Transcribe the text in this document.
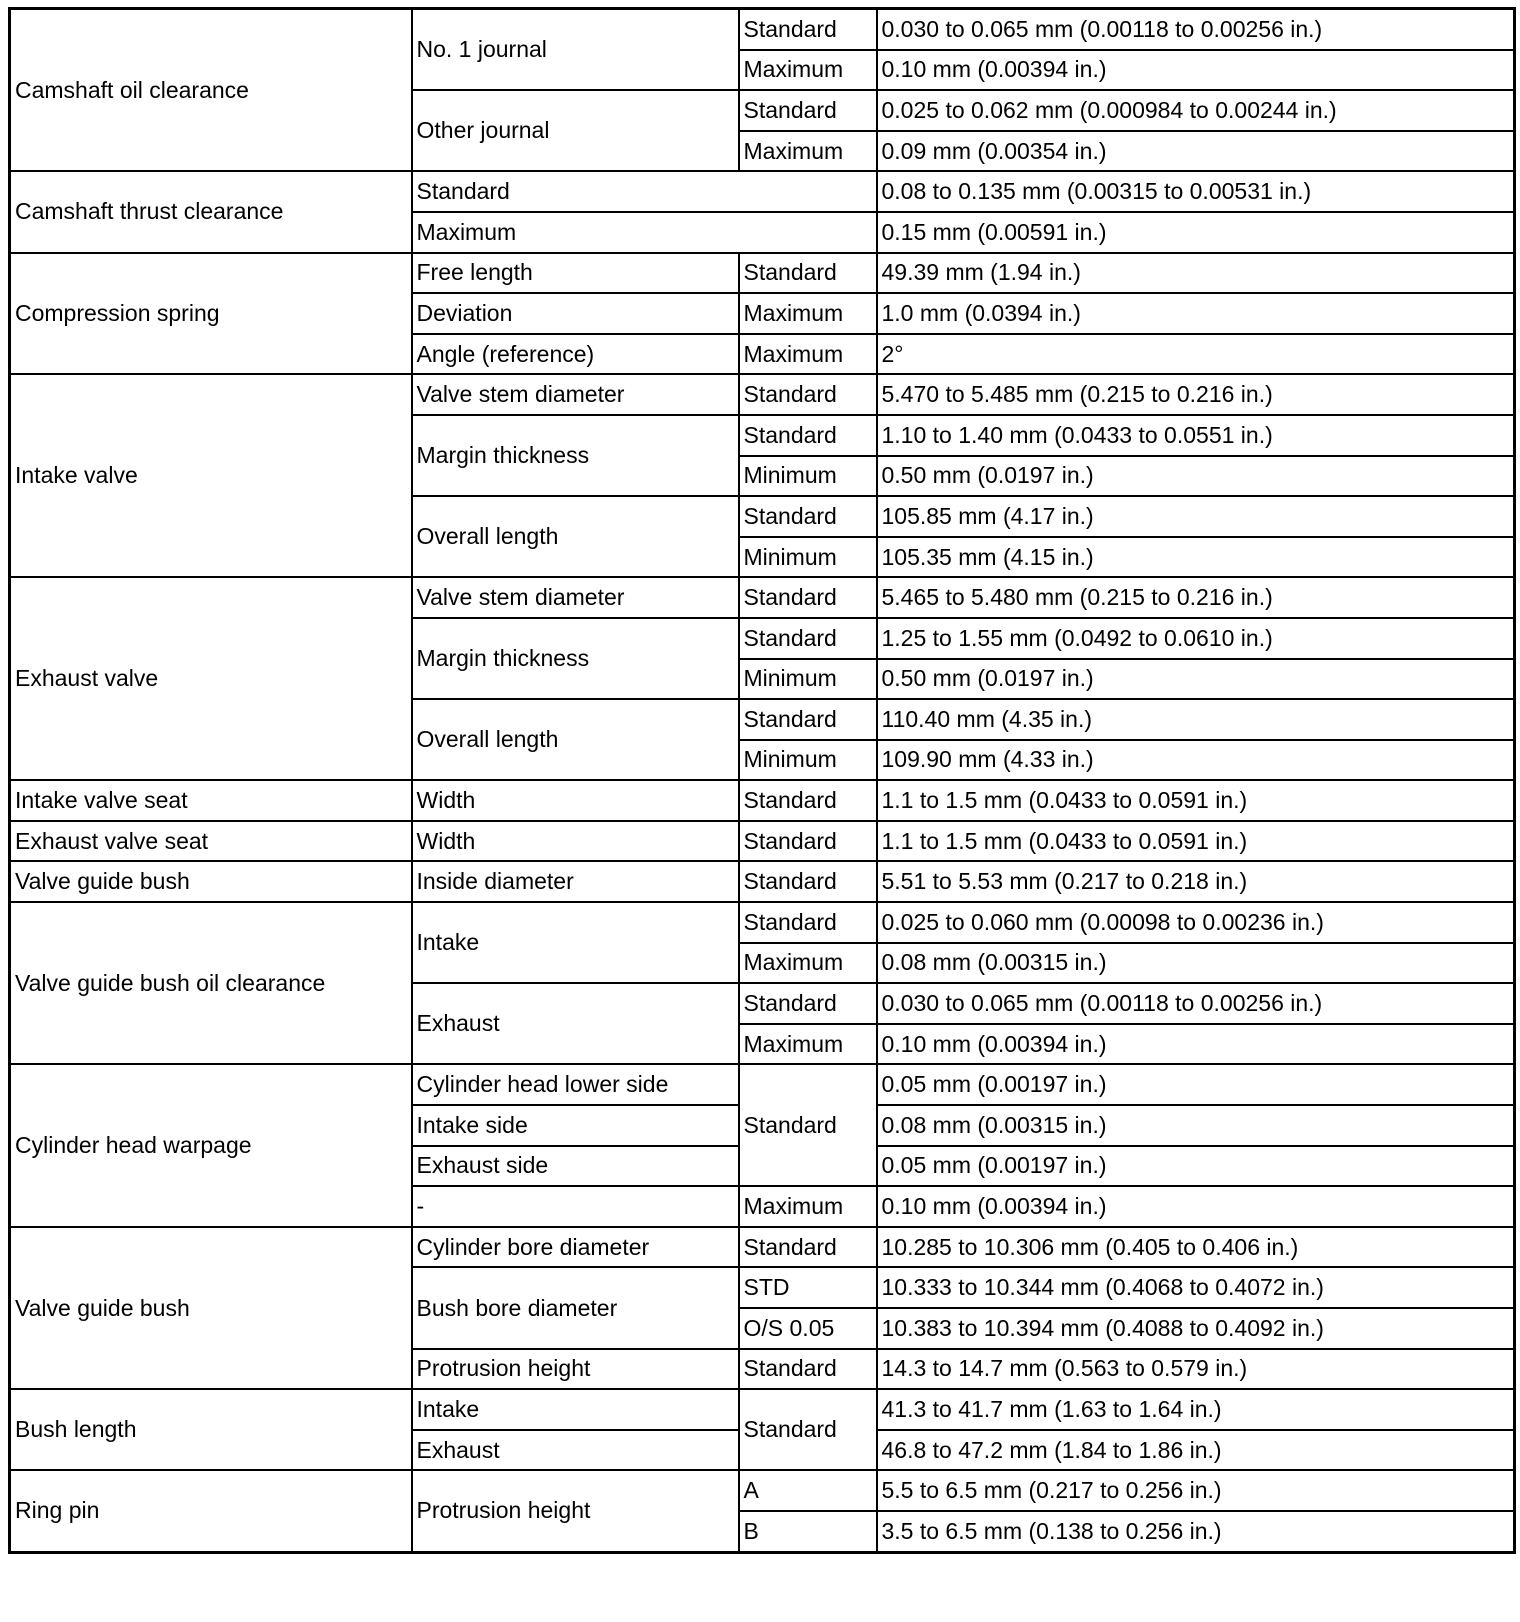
Camshaft oil clearance	No. 1 journal	Standard	0.030 to 0.065 mm (0.00118 to 0.00256 in.)
		Maximum	0.10 mm (0.00394 in.)
	Other journal	Standard	0.025 to 0.062 mm (0.000984 to 0.00244 in.)
		Maximum	0.09 mm (0.00354 in.)
Camshaft thrust clearance	Standard		0.08 to 0.135 mm (0.00315 to 0.00531 in.)
	Maximum		0.15 mm (0.00591 in.)
Compression spring	Free length	Standard	49.39 mm (1.94 in.)
	Deviation	Maximum	1.0 mm (0.0394 in.)
	Angle (reference)	Maximum	2°
Intake valve	Valve stem diameter	Standard	5.470 to 5.485 mm (0.215 to 0.216 in.)
	Margin thickness	Standard	1.10 to 1.40 mm (0.0433 to 0.0551 in.)
		Minimum	0.50 mm (0.0197 in.)
	Overall length	Standard	105.85 mm (4.17 in.)
		Minimum	105.35 mm (4.15 in.)
Exhaust valve	Valve stem diameter	Standard	5.465 to 5.480 mm (0.215 to 0.216 in.)
	Margin thickness	Standard	1.25 to 1.55 mm (0.0492 to 0.0610 in.)
		Minimum	0.50 mm (0.0197 in.)
	Overall length	Standard	110.40 mm (4.35 in.)
		Minimum	109.90 mm (4.33 in.)
Intake valve seat	Width	Standard	1.1 to 1.5 mm (0.0433 to 0.0591 in.)
Exhaust valve seat	Width	Standard	1.1 to 1.5 mm (0.0433 to 0.0591 in.)
Valve guide bush	Inside diameter	Standard	5.51 to 5.53 mm (0.217 to 0.218 in.)
Valve guide bush oil clearance	Intake	Standard	0.025 to 0.060 mm (0.00098 to 0.00236 in.)
		Maximum	0.08 mm (0.00315 in.)
	Exhaust	Standard	0.030 to 0.065 mm (0.00118 to 0.00256 in.)
		Maximum	0.10 mm (0.00394 in.)
Cylinder head warpage	Cylinder head lower side	Standard	0.05 mm (0.00197 in.)
	Intake side		0.08 mm (0.00315 in.)
	Exhaust side		0.05 mm (0.00197 in.)
	-	Maximum	0.10 mm (0.00394 in.)
Valve guide bush	Cylinder bore diameter	Standard	10.285 to 10.306 mm (0.405 to 0.406 in.)
	Bush bore diameter	STD	10.333 to 10.344 mm (0.4068 to 0.4072 in.)
		O/S 0.05	10.383 to 10.394 mm (0.4088 to 0.4092 in.)
	Protrusion height	Standard	14.3 to 14.7 mm (0.563 to 0.579 in.)
Bush length	Intake	Standard	41.3 to 41.7 mm (1.63 to 1.64 in.)
	Exhaust		46.8 to 47.2 mm (1.84 to 1.86 in.)
Ring pin	Protrusion height	A	5.5 to 6.5 mm (0.217 to 0.256 in.)
		B	3.5 to 6.5 mm (0.138 to 0.256 in.)
